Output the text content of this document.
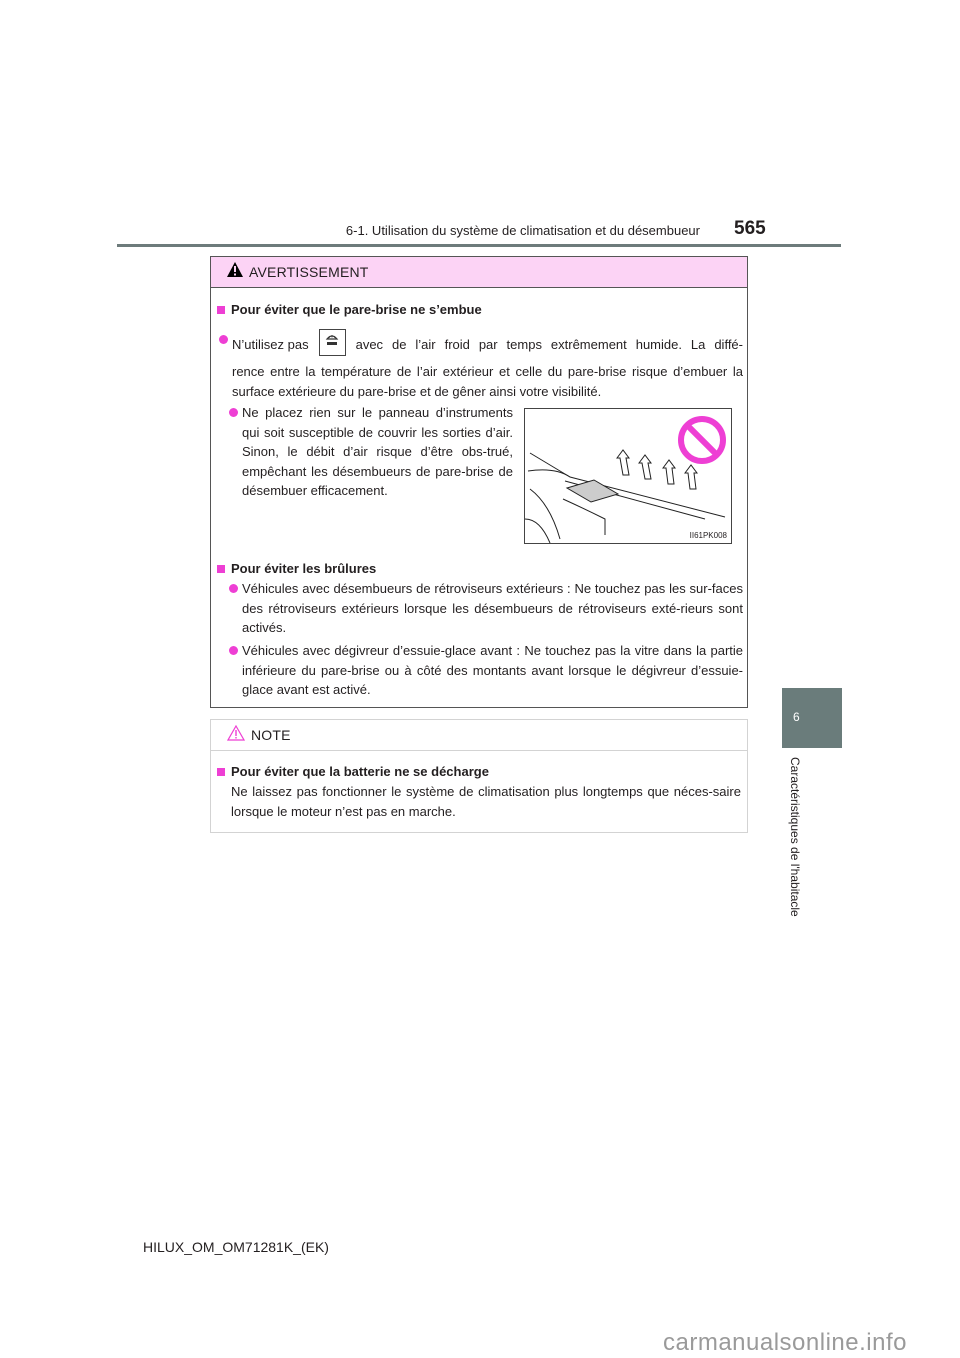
6-1. Utilisation du système de climatisation et du désembueur 565
6
Caractéristiques de l'habitacle
AVERTISSEMENT
Pour éviter que le pare-brise ne s’embue
N’utilisez pas	avec de l’air froid par temps extrêmement humide. La diffé-
rence entre la température de l’air extérieur et celle du pare-brise risque d’embuer la surface extérieure du pare-brise et de gêner ainsi votre visibilité.
Ne placez rien sur le panneau d’instruments qui soit susceptible de couvrir les sorties d’air. Sinon, le débit d’air risque d’être obs-trué, empêchant les désembueurs de pare-brise de désembuer efficacement.
II61PK008
Pour éviter les brûlures
Véhicules avec désembueurs de rétroviseurs extérieurs : Ne touchez pas les sur-faces des rétroviseurs extérieurs lorsque les désembueurs de rétroviseurs exté-rieurs sont activés.
Véhicules avec dégivreur d’essuie-glace avant : Ne touchez pas la vitre dans la partie inférieure du pare-brise ou à côté des montants avant lorsque le dégivreur d’essuie-glace avant est activé.
NOTE
Pour éviter que la batterie ne se décharge
Ne laissez pas fonctionner le système de climatisation plus longtemps que néces-saire lorsque le moteur n’est pas en marche.
HILUX_OM_OM71281K_(EK)
carmanualsonline.info
